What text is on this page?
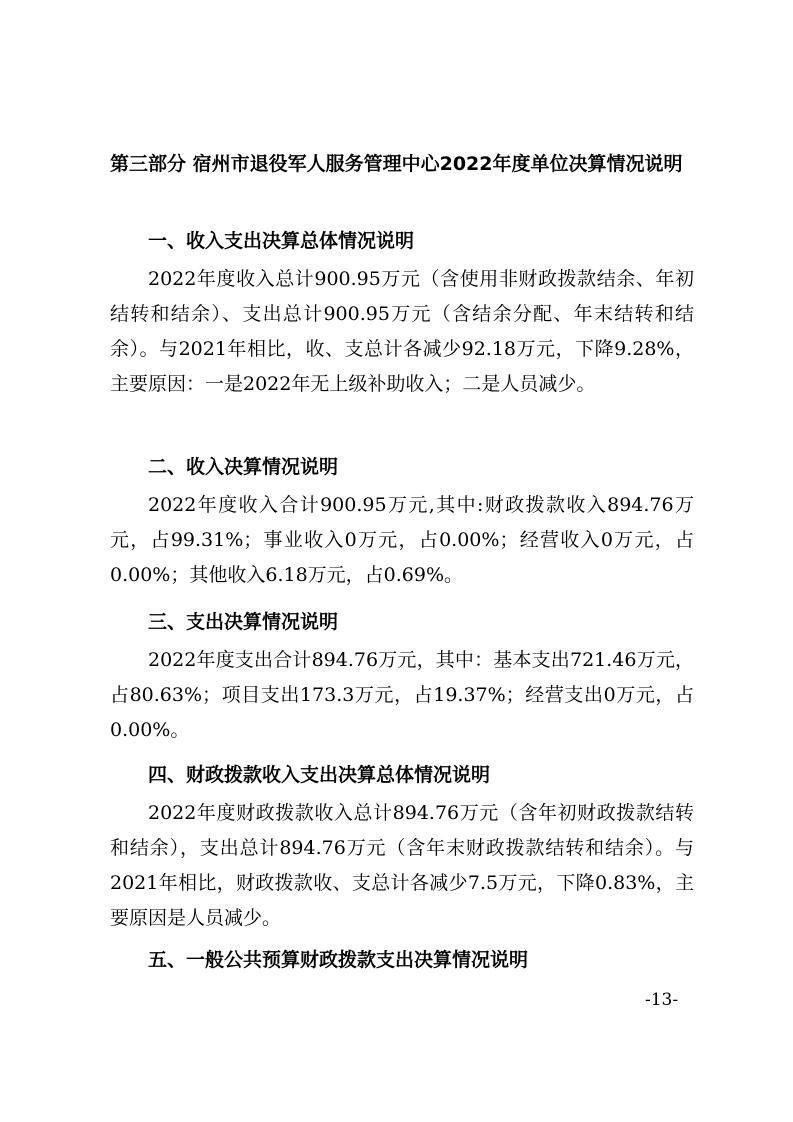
第三部分 宿州市退役军人服务管理中心2022年度单位决算情况说明
一、收入支出决算总体情况说明

2022年度收入总计900.95万元（含使用非财政拨款结余、年初结转和结余）、支出总计900.95万元（含结余分配、年末结转和结余）。与2021年相比，收、支总计各减少92.18万元，下降9.28%，主要原因：一是2022年无上级补助收入；二是人员减少。

二、收入决算情况说明

2022年度收入合计900.95万元,其中:财政拨款收入894.76万元，占99.31%；事业收入0万元，占0.00%；经营收入0万元，占0.00%；其他收入6.18万元，占0.69%。

三、支出决算情况说明

2022年度支出合计894.76万元，其中：基本支出721.46万元，占80.63%；项目支出173.3万元，占19.37%；经营支出0万元，占0.00%。

四、财政拨款收入支出决算总体情况说明

2022年度财政拨款收入总计894.76万元（含年初财政拨款结转和结余），支出总计894.76万元（含年末财政拨款结转和结余）。与2021年相比，财政拨款收、支总计各减少7.5万元，下降0.83%，主要原因是人员减少。

五、一般公共预算财政拨款支出决算情况说明
-13-
